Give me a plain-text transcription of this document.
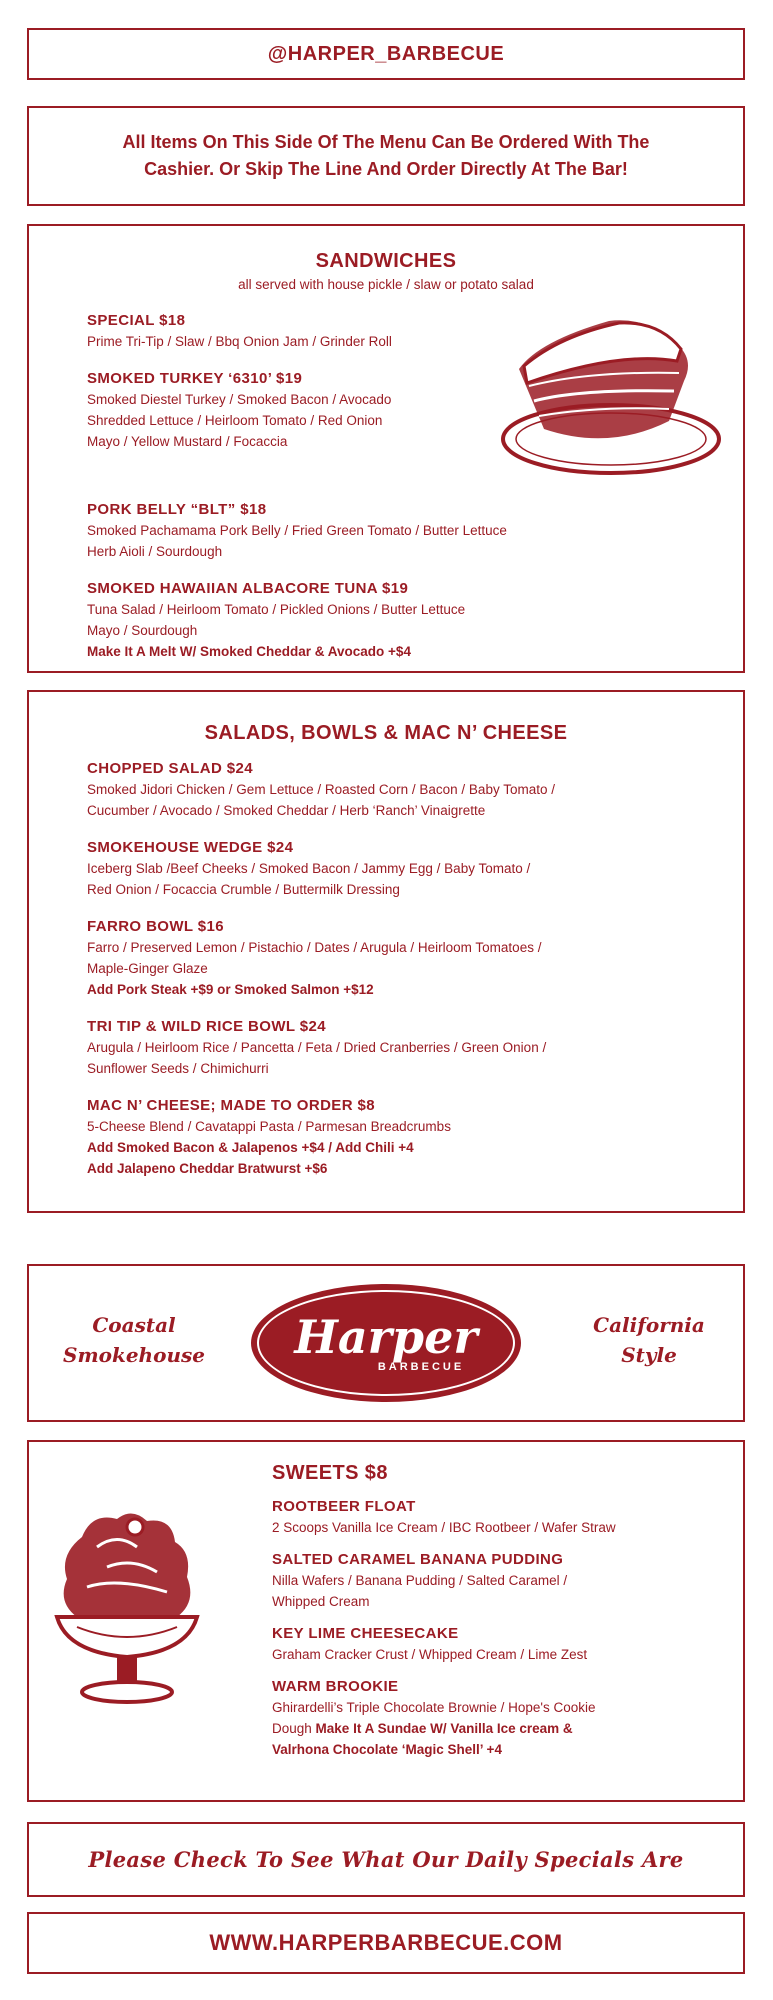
@HARPER_BARBECUE
All Items On This Side Of The Menu Can Be Ordered With The
Cashier. Or Skip The Line And Order Directly At The Bar!
SANDWICHES
all served with house pickle / slaw or potato salad
SPECIAL $18
Prime Tri-Tip / Slaw / Bbq Onion Jam / Grinder Roll
SMOKED TURKEY ‘6310’ $19
Smoked Diestel Turkey / Smoked Bacon / Avocado
Shredded Lettuce / Heirloom Tomato / Red Onion
Mayo / Yellow Mustard / Focaccia
PORK BELLY “BLT” $18
Smoked Pachamama Pork Belly / Fried Green Tomato / Butter Lettuce
Herb Aioli / Sourdough
SMOKED HAWAIIAN ALBACORE TUNA $19
Tuna Salad / Heirloom Tomato / Pickled Onions / Butter Lettuce
Mayo / Sourdough
Make It A Melt W/ Smoked Cheddar & Avocado +$4
SALADS, BOWLS & MAC N’ CHEESE
CHOPPED SALAD $24
Smoked Jidori Chicken / Gem Lettuce / Roasted Corn / Bacon / Baby Tomato /
Cucumber / Avocado / Smoked Cheddar / Herb ‘Ranch’ Vinaigrette
SMOKEHOUSE WEDGE $24
Iceberg Slab /Beef Cheeks / Smoked Bacon / Jammy Egg / Baby Tomato /
Red Onion / Focaccia Crumble / Buttermilk Dressing
FARRO BOWL $16
Farro / Preserved Lemon / Pistachio / Dates / Arugula / Heirloom Tomatoes /
Maple-Ginger Glaze
Add Pork Steak +$9 or Smoked Salmon +$12
TRI TIP & WILD RICE BOWL $24
Arugula / Heirloom Rice / Pancetta / Feta / Dried Cranberries / Green Onion /
Sunflower Seeds / Chimichurri
MAC N’ CHEESE; MADE TO ORDER $8
5-Cheese Blend / Cavatappi Pasta / Parmesan Breadcrumbs
Add Smoked Bacon & Jalapenos +$4 / Add Chili +4
Add Jalapeno Cheddar Bratwurst +$6
Coastal
Smokehouse Harper
BARBECUE
California
Style
SWEETS $8
ROOTBEER FLOAT
2 Scoops Vanilla Ice Cream / IBC Rootbeer / Wafer Straw
SALTED CARAMEL BANANA PUDDING
Nilla Wafers / Banana Pudding / Salted Caramel /
Whipped Cream
KEY LIME CHEESECAKE
Graham Cracker Crust / Whipped Cream / Lime Zest
WARM BROOKIE
Ghirardelli’s Triple Chocolate Brownie / Hope's Cookie
Dough Make It A Sundae W/ Vanilla Ice cream &
Valrhona Chocolate ‘Magic Shell’ +4
Please Check To See What Our Daily Specials Are
WWW.HARPERBARBECUE.COM
